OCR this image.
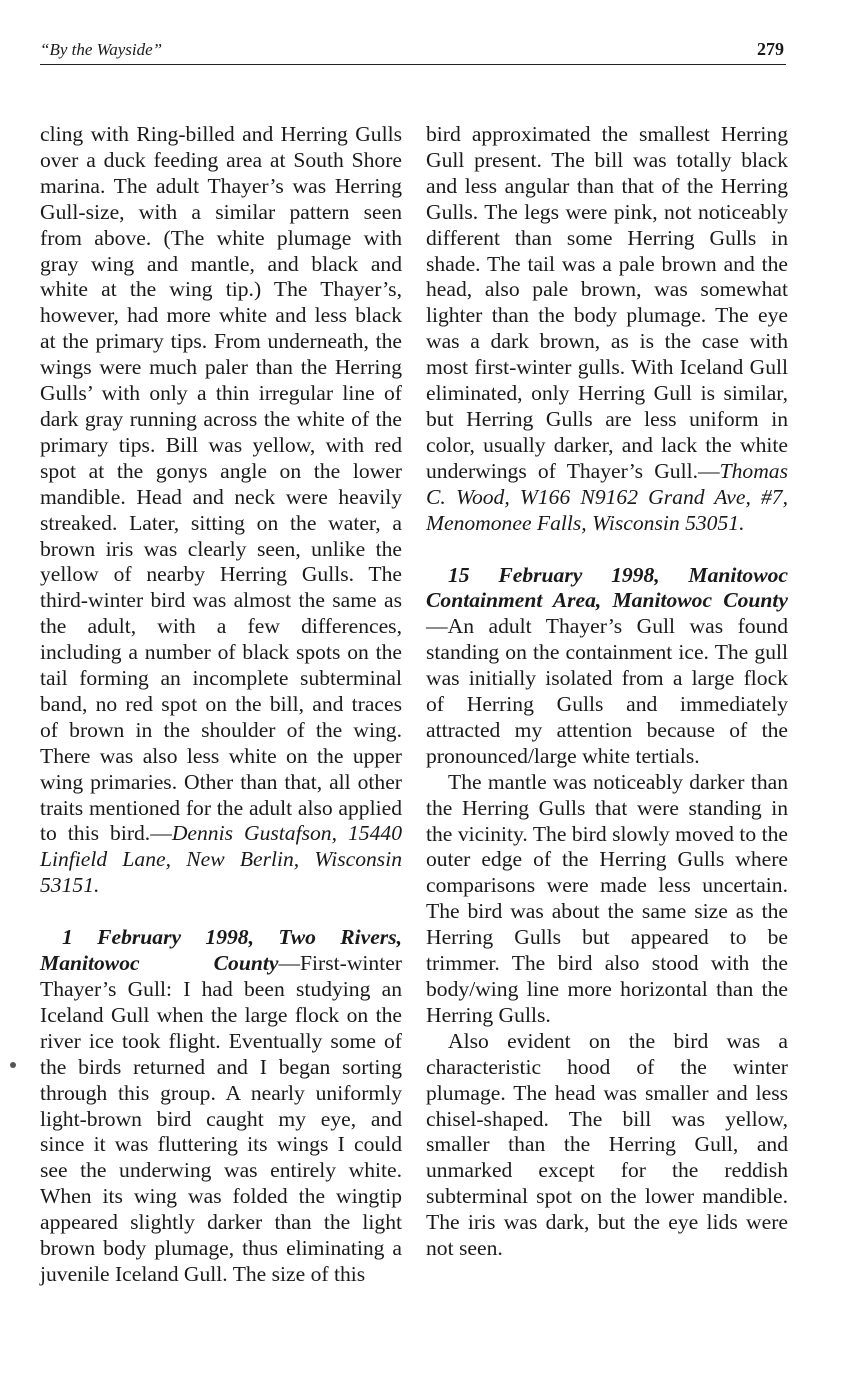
“By the Wayside”	279

cling with Ring-billed and Herring Gulls over a duck feeding area at South Shore marina. The adult Thayer’s was Herring Gull-size, with a similar pattern seen from above. (The white plumage with gray wing and mantle, and black and white at the wing tip.) The Thayer’s, however, had more white and less black at the primary tips. From underneath, the wings were much paler than the Herring Gulls’ with only a thin irregular line of dark gray running across the white of the primary tips. Bill was yellow, with red spot at the gonys angle on the lower mandible. Head and neck were heavily streaked. Later, sitting on the water, a brown iris was clearly seen, unlike the yellow of nearby Herring Gulls. The third-winter bird was almost the same as the adult, with a few differences, including a number of black spots on the tail forming an incomplete subterminal band, no red spot on the bill, and traces of brown in the shoulder of the wing. There was also less white on the upper wing primaries. Other than that, all other traits mentioned for the adult also applied to this bird.—Dennis Gustafson, 15440 Linfield Lane, New Berlin, Wisconsin 53151.

1 February 1998, Two Rivers, Manitowoc County—First-winter Thayer’s Gull: I had been studying an Iceland Gull when the large flock on the river ice took flight. Eventually some of the birds returned and I began sorting through this group. A nearly uniformly light-brown bird caught my eye, and since it was fluttering its wings I could see the underwing was entirely white. When its wing was folded the wingtip appeared slightly darker than the light brown body plumage, thus eliminating a juvenile Iceland Gull. The size of this

bird approximated the smallest Herring Gull present. The bill was totally black and less angular than that of the Herring Gulls. The legs were pink, not noticeably different than some Herring Gulls in shade. The tail was a pale brown and the head, also pale brown, was somewhat lighter than the body plumage. The eye was a dark brown, as is the case with most first-winter gulls. With Iceland Gull eliminated, only Herring Gull is similar, but Herring Gulls are less uniform in color, usually darker, and lack the white underwings of Thayer’s Gull.—Thomas C. Wood, W166 N9162 Grand Ave, #7, Menomonee Falls, Wisconsin 53051.

15 February 1998, Manitowoc Containment Area, Manitowoc County—An adult Thayer’s Gull was found standing on the containment ice. The gull was initially isolated from a large flock of Herring Gulls and immediately attracted my attention because of the pronounced/large white tertials.

The mantle was noticeably darker than the Herring Gulls that were standing in the vicinity. The bird slowly moved to the outer edge of the Herring Gulls where comparisons were made less uncertain. The bird was about the same size as the Herring Gulls but appeared to be trimmer. The bird also stood with the body/wing line more horizontal than the Herring Gulls.

Also evident on the bird was a characteristic hood of the winter plumage. The head was smaller and less chisel-shaped. The bill was yellow, smaller than the Herring Gull, and unmarked except for the reddish subterminal spot on the lower mandible. The iris was dark, but the eye lids were not seen.
